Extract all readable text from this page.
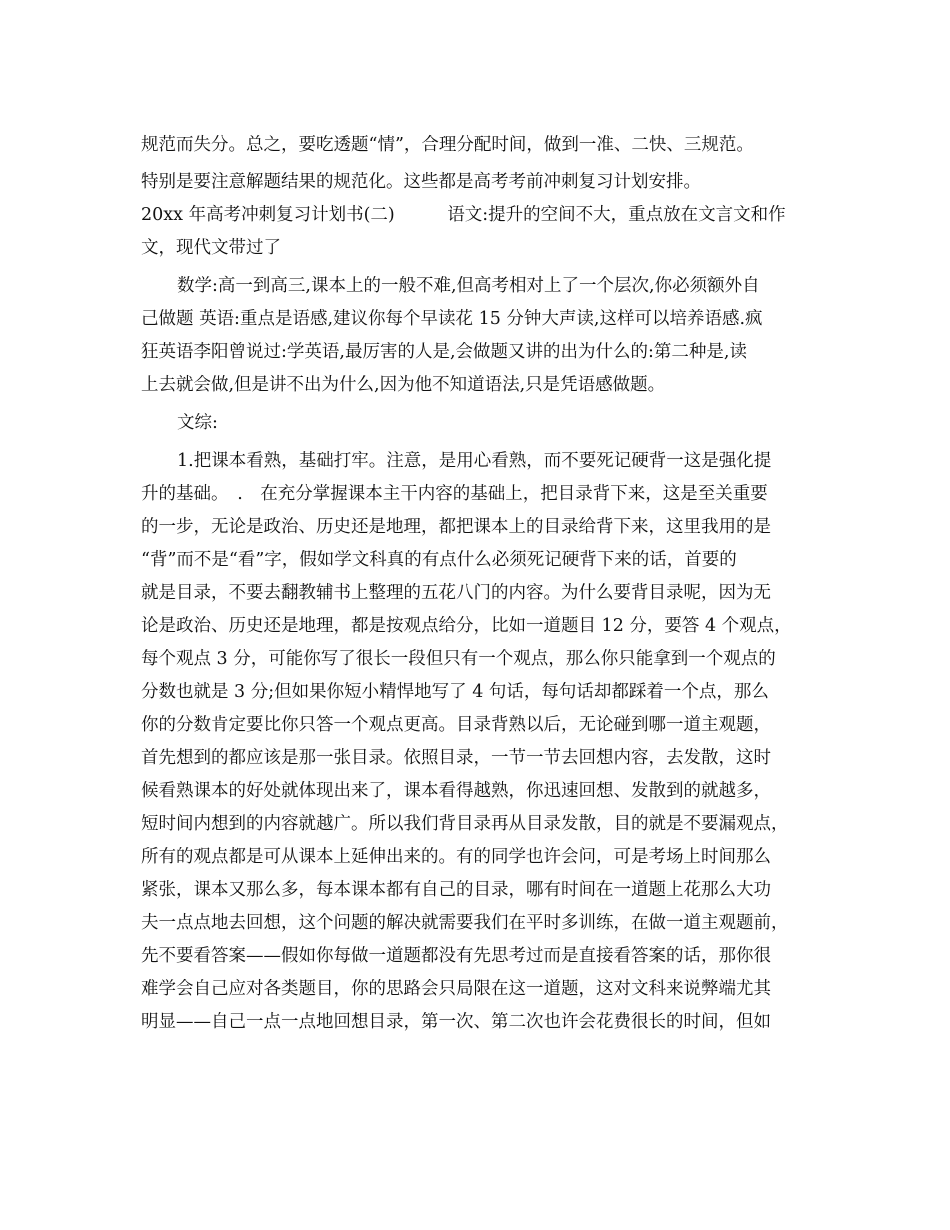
规范而失分。总之，要吃透题“情”，合理分配时间，做到一准、二快、三规范。
特别是要注意解题结果的规范化。这些都是高考考前冲刺复习计划安排。
20xx 年高考冲刺复习计划书(二)　　　语文:提升的空间不大，重点放在文言文和作
文，现代文带过了
数学:高一到高三,课本上的一般不难,但高考相对上了一个层次,你必须额外自
己做题 英语:重点是语感,建议你每个早读花 15 分钟大声读,这样可以培养语感.疯
狂英语李阳曾说过:学英语,最厉害的人是,会做题又讲的出为什么的:第二种是,读
上去就会做,但是讲不出为什么,因为他不知道语法,只是凭语感做题。
文综:
1.把课本看熟，基础打牢。注意，是用心看熟，而不要死记硬背一这是强化提
升的基础。　.　在充分掌握课本主干内容的基础上，把目录背下来，这是至关重要
的一步，无论是政治、历史还是地理，都把课本上的目录给背下来，这里我用的是
“背”而不是“看”字，假如学文科真的有点什么必须死记硬背下来的话，首要的
就是目录，不要去翻教辅书上整理的五花八门的内容。为什么要背目录呢，因为无
论是政治、历史还是地理，都是按观点给分，比如一道题目 12 分，要答 4 个观点，
每个观点 3 分，可能你写了很长一段但只有一个观点，那么你只能拿到一个观点的
分数也就是 3 分;但如果你短小精悍地写了 4 句话，每句话却都踩着一个点，那么
你的分数肯定要比你只答一个观点更高。目录背熟以后，无论碰到哪一道主观题，
首先想到的都应该是那一张目录。依照目录，一节一节去回想内容，去发散，这时
候看熟课本的好处就体现出来了，课本看得越熟，你迅速回想、发散到的就越多，
短时间内想到的内容就越广。所以我们背目录再从目录发散，目的就是不要漏观点，
所有的观点都是可从课本上延伸出来的。有的同学也许会问，可是考场上时间那么
紧张，课本又那么多，每本课本都有自己的目录，哪有时间在一道题上花那么大功
夫一点点地去回想，这个问题的解决就需要我们在平时多训练，在做一道主观题前，
先不要看答案——假如你每做一道题都没有先思考过而是直接看答案的话，那你很
难学会自己应对各类题目，你的思路会只局限在这一道题，这对文科来说弊端尤其
明显——自己一点一点地回想目录，第一次、第二次也许会花费很长的时间，但如
